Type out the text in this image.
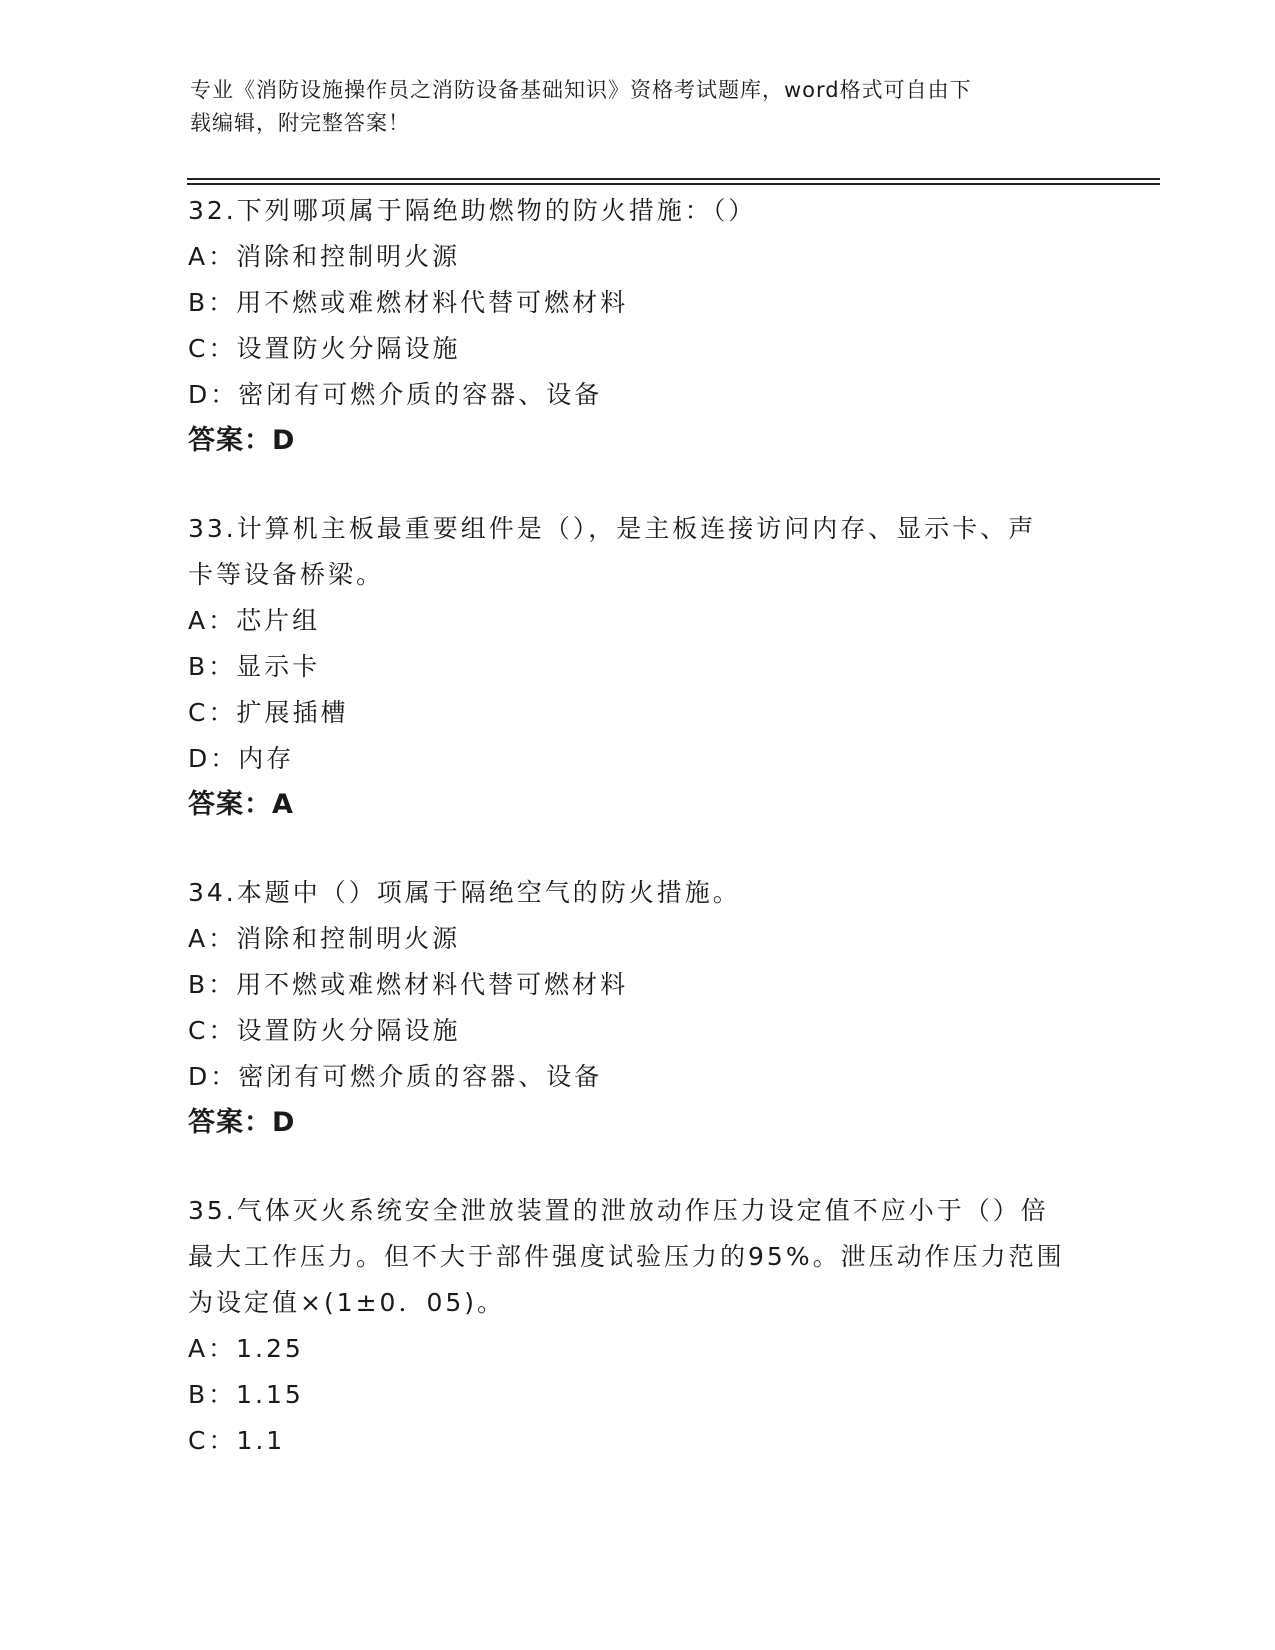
专业《消防设施操作员之消防设备基础知识》资格考试题库，word格式可自由下
载编辑，附完整答案！
32.下列哪项属于隔绝助燃物的防火措施：（）
A：消除和控制明火源
B：用不燃或难燃材料代替可燃材料
C：设置防火分隔设施
D：密闭有可燃介质的容器、设备
答案：D
33.计算机主板最重要组件是（），是主板连接访问内存、显示卡、声
卡等设备桥梁。
A：芯片组
B：显示卡
C：扩展插槽
D：内存
答案：A
34.本题中（）项属于隔绝空气的防火措施。
A：消除和控制明火源
B：用不燃或难燃材料代替可燃材料
C：设置防火分隔设施
D：密闭有可燃介质的容器、设备
答案：D
35.气体灭火系统安全泄放装置的泄放动作压力设定值不应小于（）倍
最大工作压力。但不大于部件强度试验压力的95%。泄压动作压力范围
为设定值×(1±0．05)。
A：1.25
B：1.15
C：1.1
